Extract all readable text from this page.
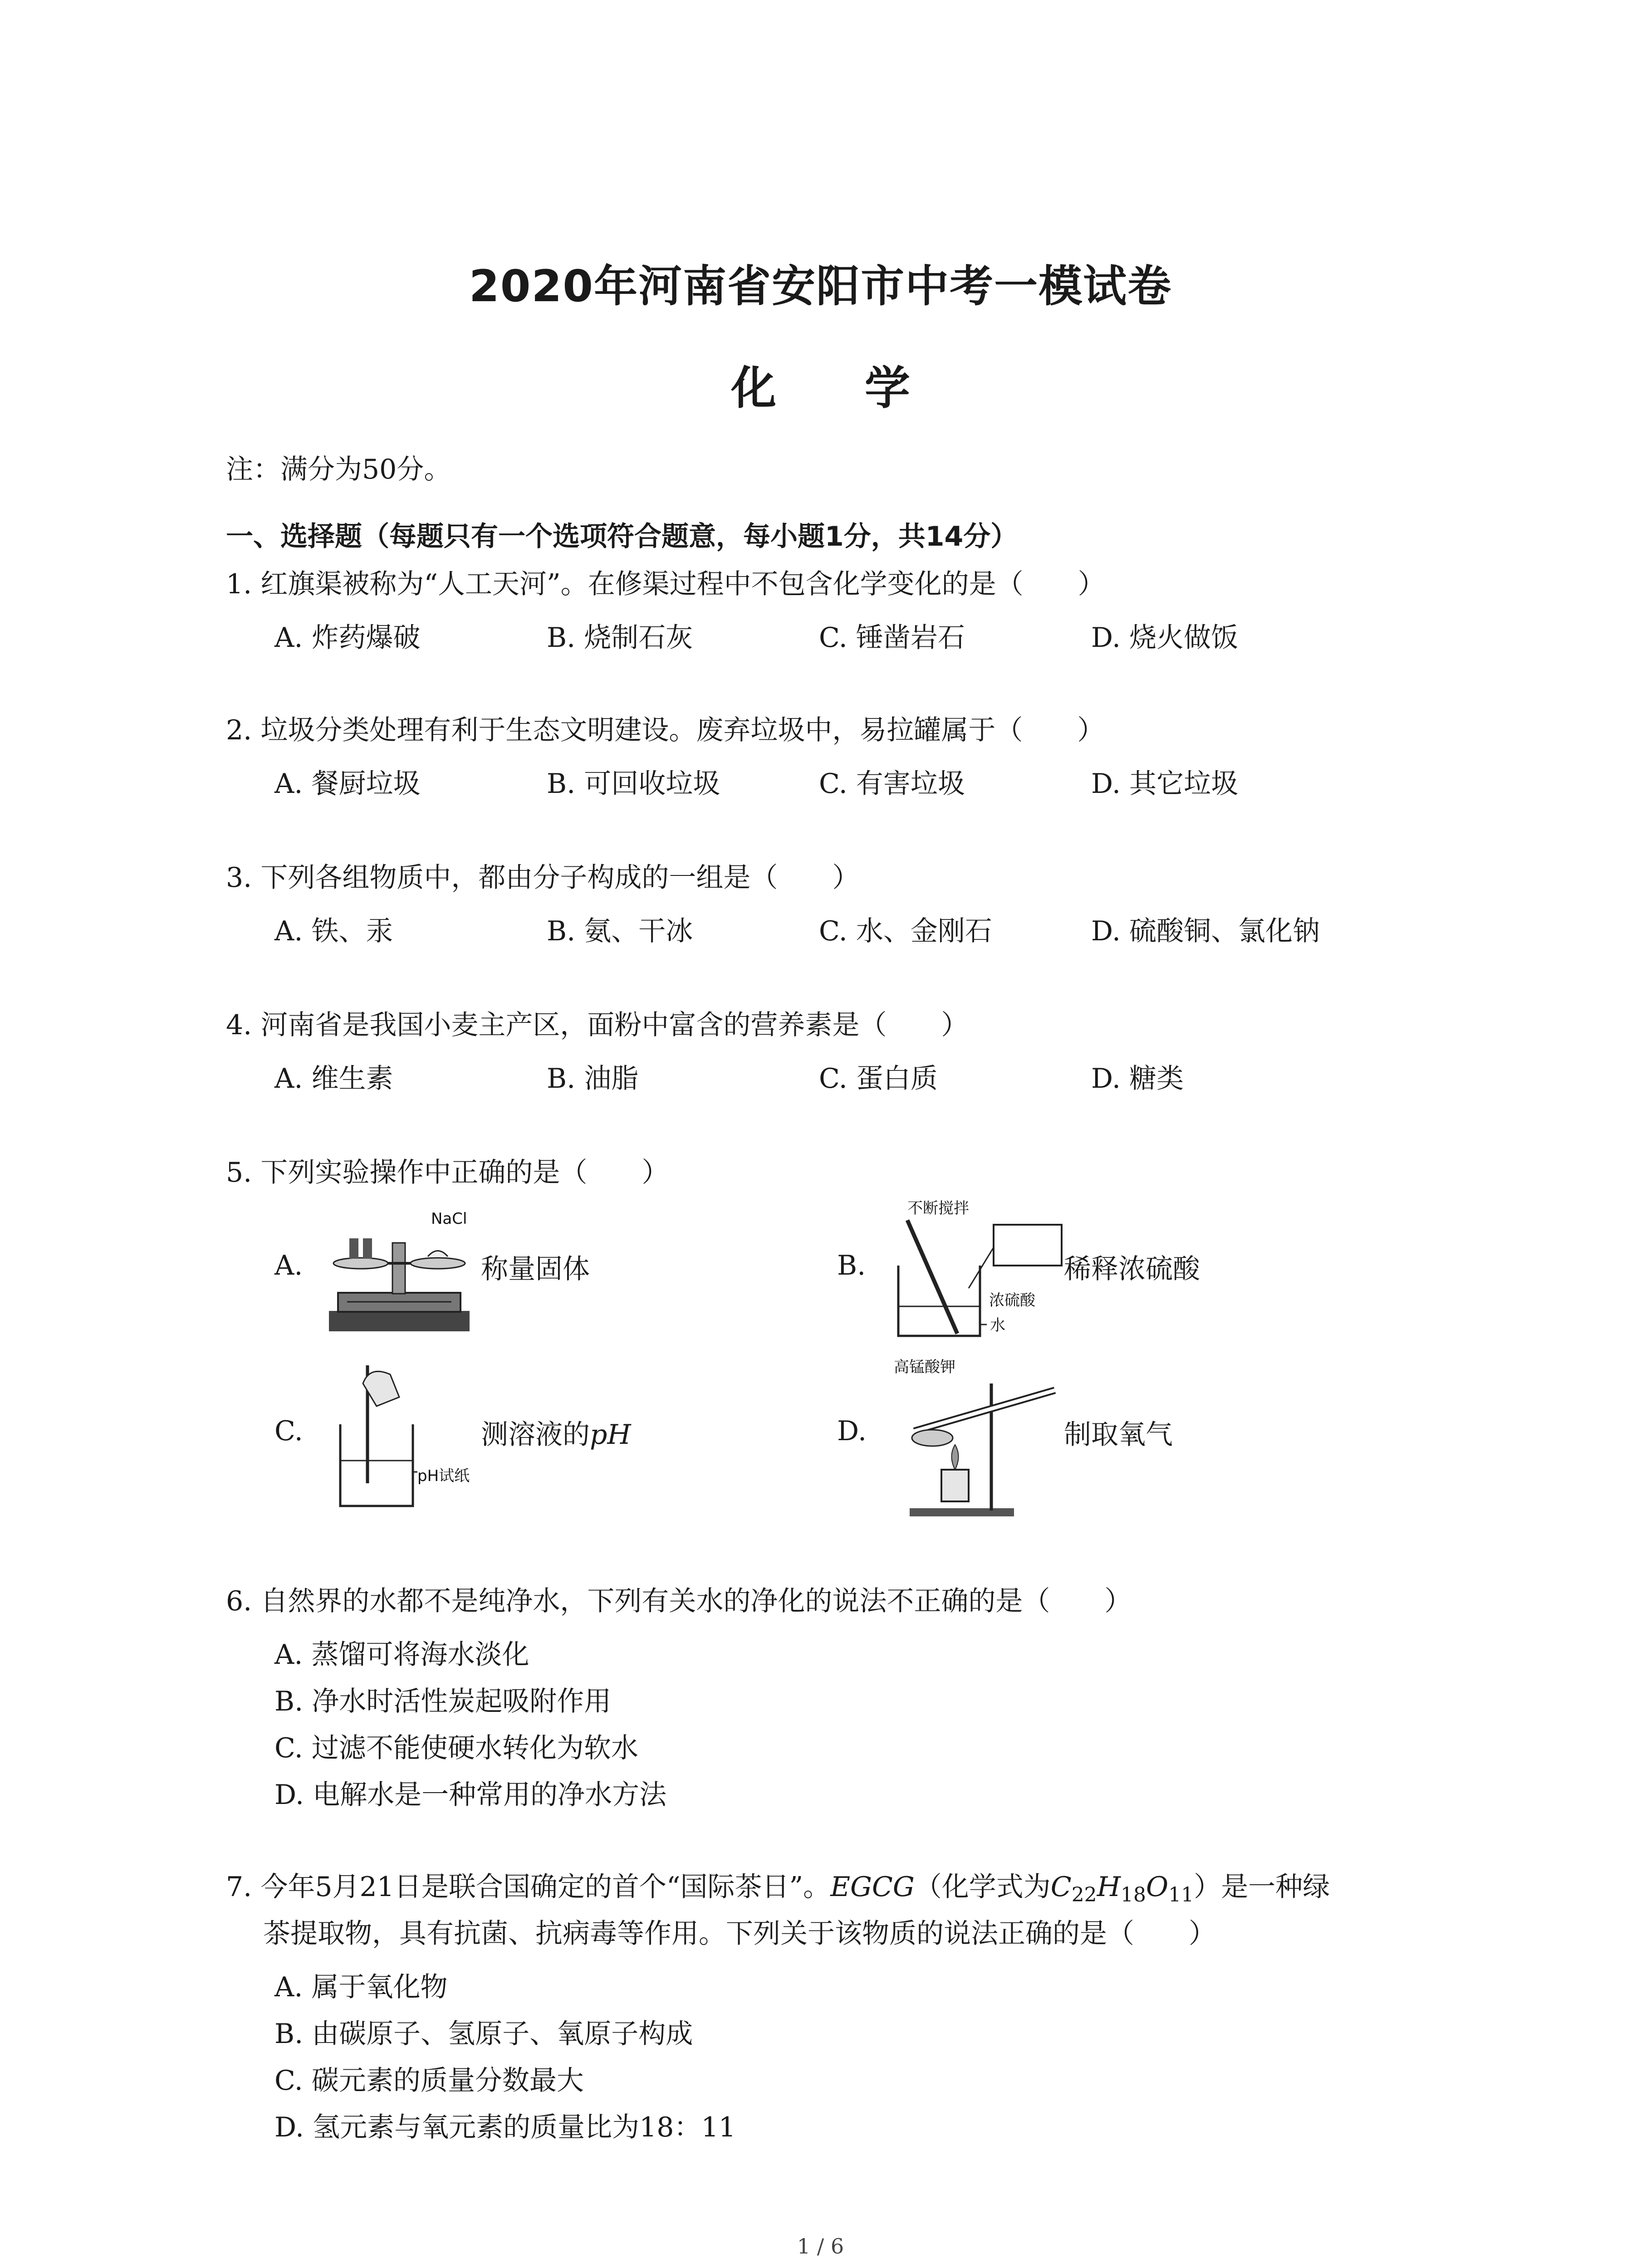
2020年河南省安阳市中考一模试卷
化 学
注：满分为50分。
一、选择题（每题只有一个选项符合题意，每小题1分，共14分）
1. 红旗渠被称为“人工天河”。在修渠过程中不包含化学变化的是（　　）
A. 炸药爆破	B. 烧制石灰	C. 锤凿岩石	D. 烧火做饭
2. 垃圾分类处理有利于生态文明建设。废弃垃圾中，易拉罐属于（　　）
A. 餐厨垃圾	B. 可回收垃圾	C. 有害垃圾	D. 其它垃圾
3. 下列各组物质中，都由分子构成的一组是（　　）
A. 铁、汞	B. 氨、干冰	C. 水、金刚石	D. 硫酸铜、氯化钠
4. 河南省是我国小麦主产区，面粉中富含的营养素是（　　）
A. 维生素	B. 油脂	C. 蛋白质	D. 糖类
5. 下列实验操作中正确的是（　　）
A.	称量固体
NaCl
B.	稀释浓硫酸
不断搅拌
浓硫酸
水
C.	测溶液的pH
pH试纸
D.	制取氧气
高锰酸钾
6. 自然界的水都不是纯净水，下列有关水的净化的说法不正确的是（　　）
A. 蒸馏可将海水淡化
B. 净水时活性炭起吸附作用
C. 过滤不能使硬水转化为软水
D. 电解水是一种常用的净水方法
7. 今年5月21日是联合国确定的首个“国际茶日”。EGCG（化学式为$C_{22}H_{18}O_{11}$）是一种绿
茶提取物，具有抗菌、抗病毒等作用。下列关于该物质的说法正确的是（　　）
A. 属于氧化物
B. 由碳原子、氢原子、氧原子构成
C. 碳元素的质量分数最大
D. 氢元素与氧元素的质量比为18：11
1 / 6
